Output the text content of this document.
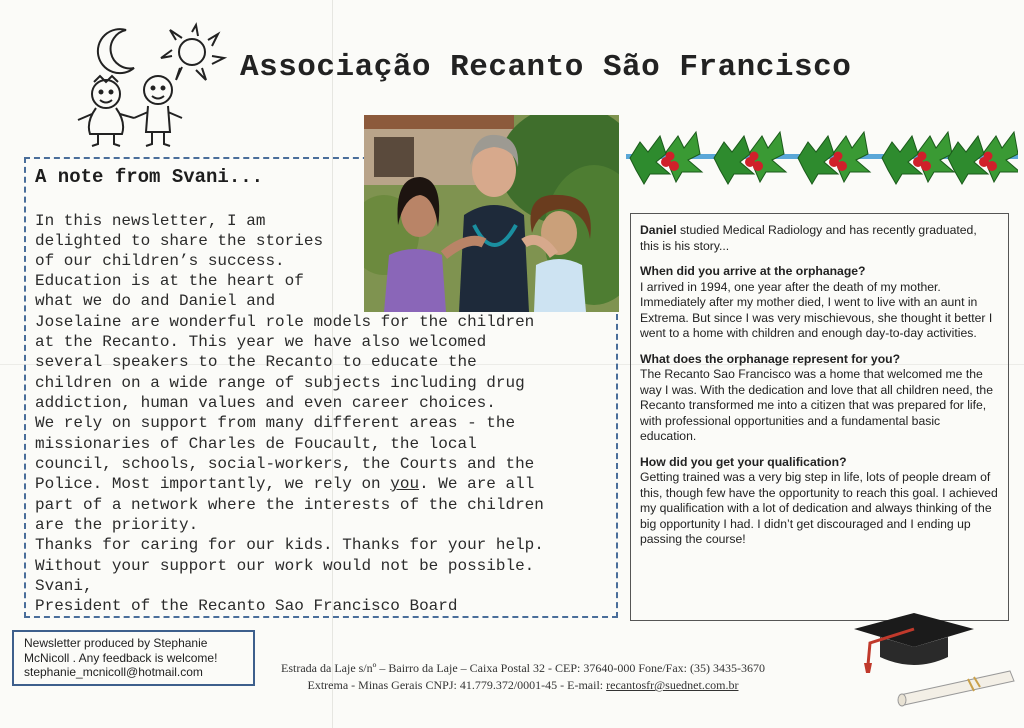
Associação Recanto São Francisco
A note from Svani...
In this newsletter, I am
delighted to share the stories
of our children’s success.
Education is at the heart of
what we do and Daniel and
Joselaine are wonderful role models for the children
at the Recanto. This year we have also welcomed
several speakers to the Recanto to educate the
children on a wide range of subjects including drug
addiction, human values and even career choices.
We rely on support from many different areas - the
missionaries of Charles de Foucault, the local
council, schools, social-workers, the Courts and the
Police. Most importantly, we rely on you. We are all
part of a network where the interests of the children
are the priority.
Thanks for caring for our kids. Thanks for your help.
Without your support our work would not be possible.
Svani,
President of the Recanto Sao Francisco Board

Daniel studied Medical Radiology and has recently graduated, this is his story...

When did you arrive at the orphanage?

I arrived in 1994, one year after the death of my mother. Immediately after my mother died, I went to live with an aunt in Extrema. But since I was very mischievous, she thought it better I went to a home with children and enough day-to-day activities.

What does the orphanage represent for you?

The Recanto Sao Francisco was a home that welcomed me the way I was. With the dedication and love that all children need, the Recanto transformed me into a citizen that was prepared for life, with professional opportunities and a fundamental basic education.

How did you get your qualification?

Getting trained was a very big step in life, lots of people dream of this, though few have the opportunity to reach this goal. I achieved my qualification with a lot of dedication and always thinking of the big opportunity I had. I didn’t get discouraged and I ending up passing the course!

Newsletter produced by Stephanie
McNicoll . Any feedback is welcome!
stephanie_mcnicoll@hotmail.com	Estrada da Laje s/nº – Bairro da Laje – Caixa Postal 32 - CEP: 37640-000 Fone/Fax: (35) 3435-3670
Extrema - Minas Gerais CNPJ: 41.779.372/0001-45 - E-mail: recantosfr@suednet.com.br
